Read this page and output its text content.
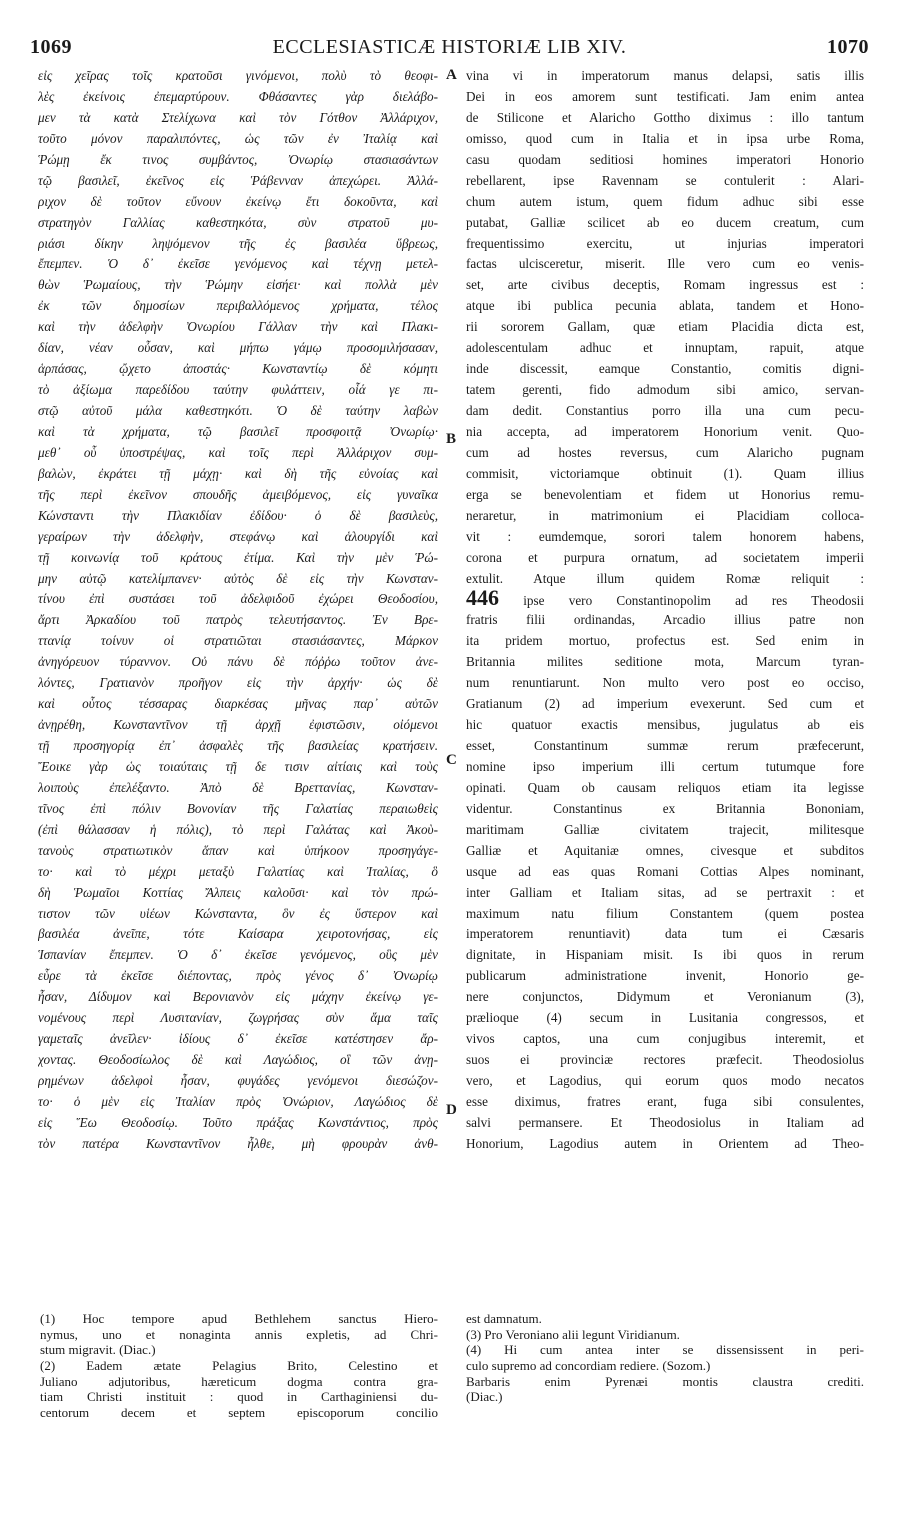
1069	ECCLESIASTICÆ HISTORIÆ LIB XIV.	1070
εἰς χεῖρας τοῖς κρατοῦσι γινόμενοι, πολὺ τὸ θεοφι-
λὲς ἐκείνοις ἐπεμαρτύρουν. Φθάσαντες γὰρ διελάβο-
μεν τὰ κατὰ Στελίχωνα καὶ τὸν Γότθον Ἀλλάριχον,
τοῦτο μόνον παραλιπόντες, ὡς τῶν ἐν Ἰταλίᾳ καὶ
Ῥώμῃ ἔκ τινος συμβάντος, Ὀνωρίῳ στασιασάντων
τῷ βασιλεῖ, ἐκεῖνος εἰς Ῥάβενναν ἀπεχώρει. Ἀλλά-
ριχον δὲ τοῦτον εὔνουν ἐκείνῳ ἔτι δοκοῦντα, καὶ
στρατηγὸν Γαλλίας καθεστηκότα, σὺν στρατοῦ μυ-
ριάσι δίκην ληψόμενον τῆς ἐς βασιλέα ὕβρεως,
ἔπεμπεν. Ὁ δ᾽ ἐκεῖσε γενόμενος καὶ τέχνῃ μετελ-
θὼν Ῥωμαίους, τὴν Ῥώμην εἰσήει· καὶ πολλὰ μὲν
ἐκ τῶν δημοσίων περιβαλλόμενος χρήματα, τέλος
καὶ τὴν ἀδελφὴν Ὀνωρίου Γάλλαν τὴν καὶ Πλακι-
δίαν, νέαν οὖσαν, καὶ μήπω γάμῳ προσομιλήσασαν,
ἁρπάσας, ᾤχετο ἀποστάς· Κωνσταντίῳ δὲ κόμητι
τὸ ἀξίωμα παρεδίδου ταύτην φυλάττειν, οἷά γε πι-
στῷ αὐτοῦ μάλα καθεστηκότι. Ὁ δὲ ταύτην λαβὼν
καὶ τὰ χρήματα, τῷ βασιλεῖ προσφοιτᾷ Ὀνωρίῳ·
μεθ᾽ οὗ ὑποστρέψας, καὶ τοῖς περὶ Ἀλλάριχον συμ-
βαλὼν, ἐκράτει τῇ μάχῃ· καὶ δὴ τῆς εὐνοίας καὶ
τῆς περὶ ἐκεῖνον σπουδῆς ἀμειβόμενος, εἰς γυναῖκα
Κώνσταντι τὴν Πλακιδίαν ἐδίδου· ὁ δὲ βασιλεὺς,
γεραίρων τὴν ἀδελφὴν, στεφάνῳ καὶ ἁλουργίδι καὶ
τῇ κοινωνίᾳ τοῦ κράτους ἐτίμα. Καὶ τὴν μὲν Ῥώ-
μην αὐτῷ κατελίμπανεν· αὐτὸς δὲ εἰς τὴν Κωνσταν-
τίνου ἐπὶ συστάσει τοῦ ἀδελφιδοῦ ἐχώρει Θεοδοσίου,
ἄρτι Ἀρκαδίου τοῦ πατρὸς τελευτήσαντος. Ἐν Βρε-
ττανίᾳ τοίνυν οἱ στρατιῶται στασιάσαντες, Μάρκον
ἀνηγόρευον τύραννον. Οὐ πάνυ δὲ πόῤῥω τοῦτον ἀνε-
λόντες, Γρατιανὸν προῆγον εἰς τὴν ἀρχήν· ὡς δὲ
καὶ οὗτος τέσσαρας διαρκέσας μῆνας παρ᾽ αὐτῶν
ἀνῃρέθη, Κωνσταντῖνον τῇ ἀρχῇ ἐφιστῶσιν, οἰόμενοι
τῇ προσηγορίᾳ ἐπ᾽ ἀσφαλὲς τῆς βασιλείας κρατήσειν.
Ἔοικε γὰρ ὡς τοιαύταις τῇ δε τισιν αἰτίαις καὶ τοὺς
λοιποὺς ἐπελέξαντο. Ἀπὸ δὲ Βρεττανίας, Κωνσταν-
τῖνος ἐπὶ πόλιν Βονονίαν τῆς Γαλατίας περαιωθεὶς
(ἐπὶ θάλασσαν ἡ πόλις), τὸ περὶ Γαλάτας καὶ Ἀκοὺ-
τανοὺς στρατιωτικὸν ἅπαν καὶ ὑπήκοον προσηγάγε-
το· καὶ τὸ μέχρι μεταξὺ Γαλατίας καὶ Ἰταλίας, ὃ
δὴ Ῥωμαῖοι Κοττίας Ἄλπεις καλοῦσι· καὶ τὸν πρώ-
τιστον τῶν υἱέων Κώνσταντα, ὃν ἐς ὕστερον καὶ
βασιλέα ἀνεῖπε, τότε Καίσαρα χειροτονήσας, εἰς
Ἱσπανίαν ἔπεμπεν. Ὁ δ᾽ ἐκεῖσε γενόμενος, οὓς μὲν
εὗρε τὰ ἐκεῖσε διέποντας, πρὸς γένος δ᾽ Ὀνωρίῳ
ἦσαν, Δίδυμον καὶ Βερονιανὸν εἰς μάχην ἐκείνῳ γε-
νομένους περὶ Λυσιτανίαν, ζωγρήσας σὺν ἅμα ταῖς
γαμεταῖς ἀνεῖλεν· ἰδίους δ᾽ ἐκεῖσε κατέστησεν ἄρ-
χοντας. Θεοδοσίωλος δὲ καὶ Λαγώδιος, οἳ τῶν ἀνῃ-
ρημένων ἀδελφοὶ ἦσαν, φυγάδες γενόμενοι διεσώζον-
το· ὁ μὲν εἰς Ἰταλίαν πρὸς Ὀνώριον, Λαγώδιος δὲ
εἰς Ἕω Θεοδοσίῳ. Τοῦτο πράξας Κωνστάντιος, πρὸς
τὸν πατέρα Κωνσταντῖνον ἦλθε, μὴ φρουρὰν ἀνθ-
vina vi in imperatorum manus delapsi, satis illis
Dei in eos amorem sunt testificati. Jam enim antea
de Stilicone et Alaricho Gottho diximus : illo tantum
omisso, quod cum in Italia et in ipsa urbe Roma,
casu quodam seditiosi homines imperatori Honorio
rebellarent, ipse Ravennam se contulerit : Alari-
chum autem istum, quem fidum adhuc sibi esse
putabat, Galliæ scilicet ab eo ducem creatum, cum
frequentissimo exercitu, ut injurias imperatori
factas ulcisceretur, miserit. Ille vero cum eo venis-
set, arte civibus deceptis, Romam ingressus est :
atque ibi publica pecunia ablata, tandem et Hono-
rii sororem Gallam, quæ etiam Placidia dicta est,
adolescentulam adhuc et innuptam, rapuit, atque
inde discessit, eamque Constantio, comitis digni-
tatem gerenti, fido admodum sibi amico, servan-
dam dedit. Constantius porro illa una cum pecu-
nia accepta, ad imperatorem Honorium venit. Quo-
cum ad hostes reversus, cum Alaricho pugnam
commisit, victoriamque obtinuit (1). Quam illius
erga se benevolentiam et fidem ut Honorius remu-
neraretur, in matrimonium ei Placidiam colloca-
vit : eumdemque, sorori talem honorem habens,
corona et purpura ornatum, ad societatem imperii
extulit. Atque illum quidem Romæ reliquit :
446 ipse vero Constantinopolim ad res Theodosii
fratris filii ordinandas, Arcadio illius patre non
ita pridem mortuo, profectus est. Sed enim in
Britannia milites seditione mota, Marcum tyran-
num renuntiarunt. Non multo vero post eo occiso,
Gratianum (2) ad imperium evexerunt. Sed cum et
hic quatuor exactis mensibus, jugulatus ab eis
esset, Constantinum summæ rerum præfecerunt,
nomine ipso imperium illi certum tutumque fore
opinati. Quam ob causam reliquos etiam ita legisse
videntur. Constantinus ex Britannia Bononiam,
maritimam Galliæ civitatem trajecit, militesque
Galliæ et Aquitaniæ omnes, civesque et subditos
usque ad eas quas Romani Cottias Alpes nominant,
inter Galliam et Italiam sitas, ad se pertraxit : et
maximum natu filium Constantem (quem postea
imperatorem renuntiavit) data tum ei Cæsaris
dignitate, in Hispaniam misit. Is ibi quos in rerum
publicarum administratione invenit, Honorio ge-
nere conjunctos, Didymum et Veronianum (3),
prælioque (4) secum in Lusitania congressos, et
vivos captos, una cum conjugibus interemit, et
suos ei provinciæ rectores præfecit. Theodosiolus
vero, et Lagodius, qui eorum quos modo necatos
esse diximus, fratres erant, fuga sibi consulentes,
salvi permansere. Et Theodosiolus in Italiam ad
Honorium, Lagodius autem in Orientem ad Theo-
A
B
C
D
(1) Hoc tempore apud Bethlehem sanctus Hiero-
nymus, uno et nonaginta annis expletis, ad Chri-
stum migravit. (Diac.)
(2) Eadem ætate Pelagius Brito, Celestino et
Juliano adjutoribus, hæreticum dogma contra gra-
tiam Christi instituit : quod in Carthaginiensi du-
centorum decem et septem episcoporum concilio
est damnatum.
(3) Pro Veroniano alii legunt Viridianum.
(4) Hi cum antea inter se dissensissent in peri-
culo supremo ad concordiam rediere. (Sozom.)
Barbaris enim Pyrenæi montis claustra crediti.
(Diac.)
